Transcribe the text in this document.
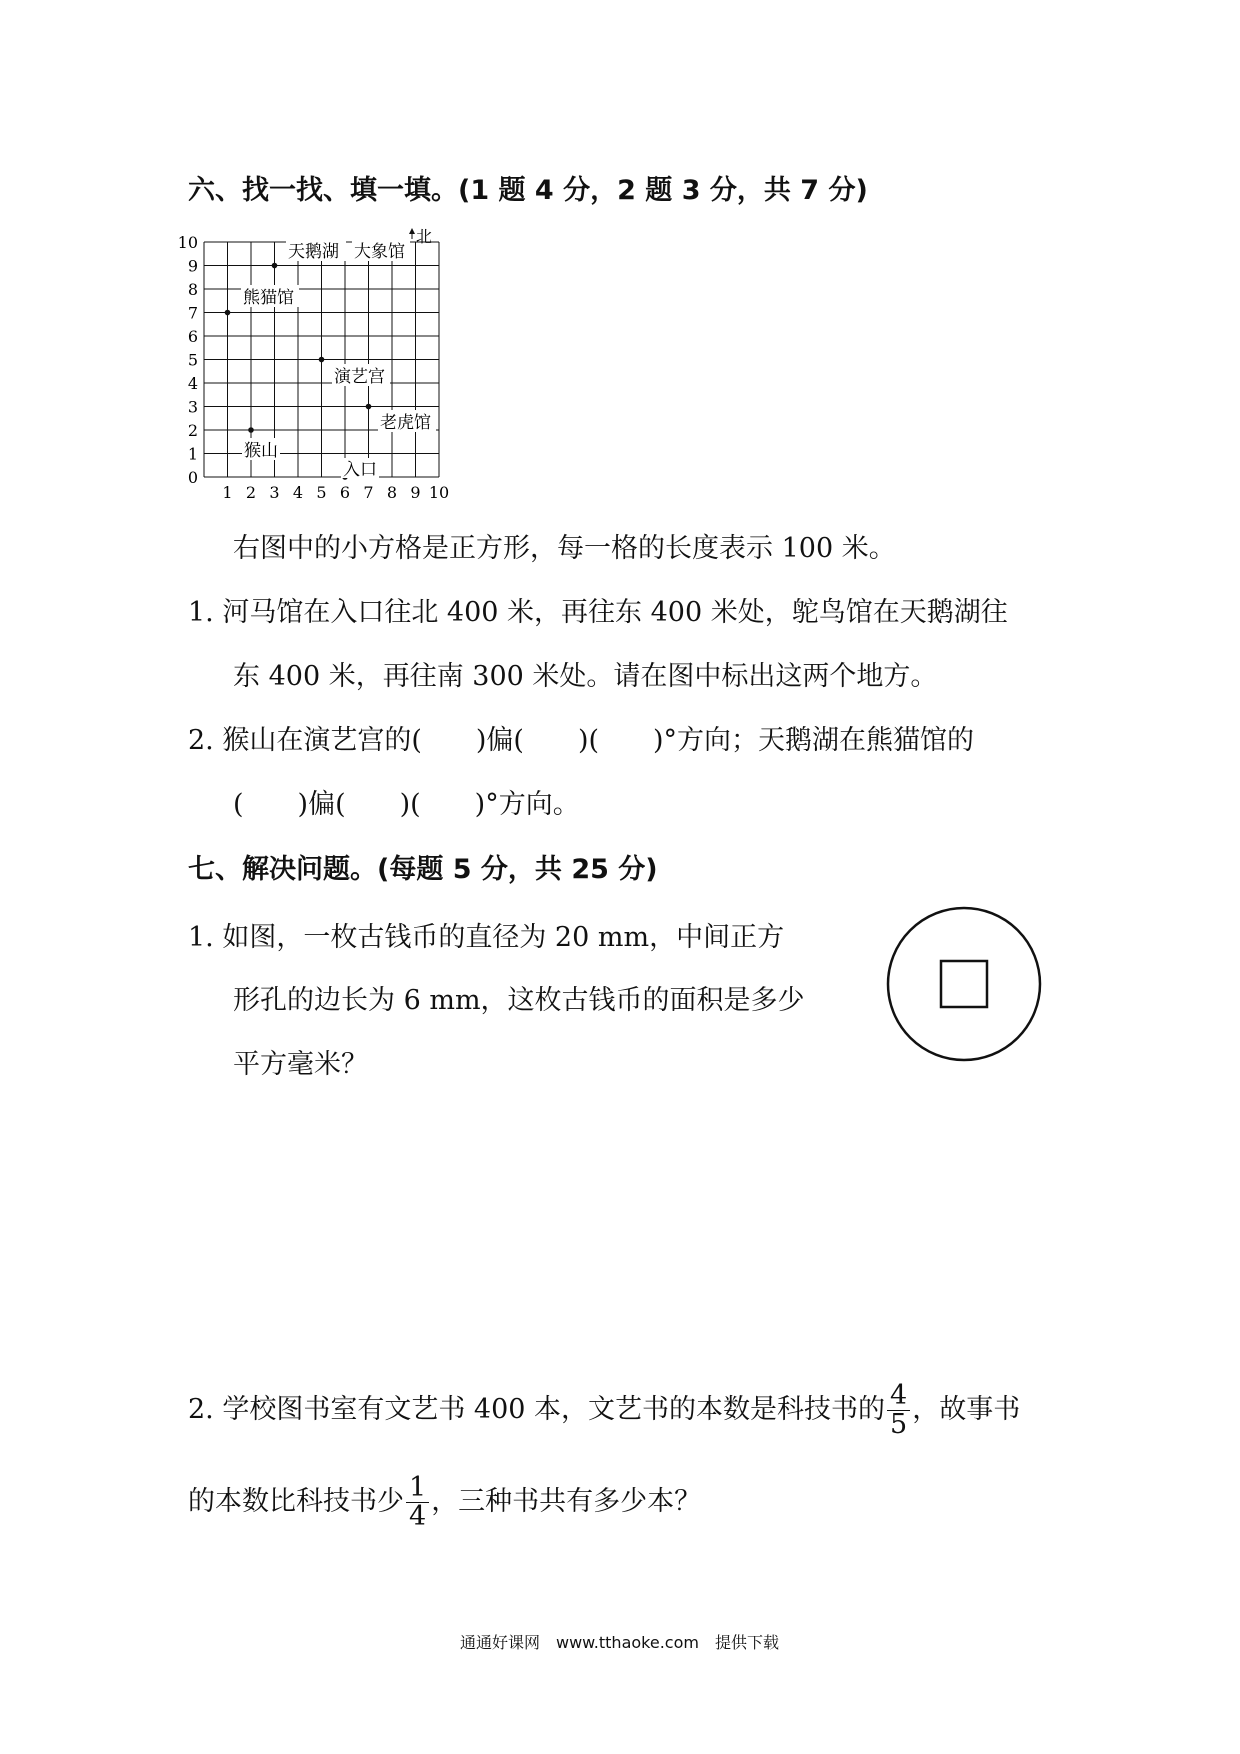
六、找一找、填一填。(1 题 4 分，2 题 3 分，共 7 分)
0
1
2
3
4
5
6
7
8
9
10
1 2 3 4 5 6 7 8 9 10
天鹅湖 大象馆
熊猫馆
演艺宫
老虎馆
猴山
入口
北
右图中的小方格是正方形，每一格的长度表示 100 米。
1. 河马馆在入口往北 400 米，再往东 400 米处，鸵鸟馆在天鹅湖往
东 400 米，再往南 300 米处。请在图中标出这两个地方。
2. 猴山在演艺宫的(　　)偏(　　)(　　)°方向；天鹅湖在熊猫馆的
(　　)偏(　　)(　　)°方向。
七、解决问题。(每题 5 分，共 25 分)
1. 如图，一枚古钱币的直径为 20 mm，中间正方
形孔的边长为 6 mm，这枚古钱币的面积是多少
平方毫米？
2. 学校图书室有文艺书 400 本，文艺书的本数是科技书的 $\frac{4}{5}$ ，故事书
的本数比科技书少 $\frac{1}{4}$ ，三种书共有多少本？
通通好课网　www.tthaoke.com　提供下载
